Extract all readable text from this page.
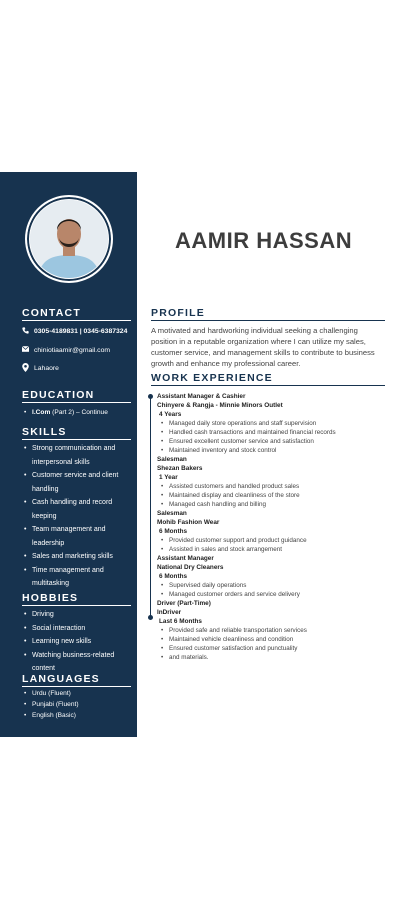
AAMIR HASSAN
CONTACT
0305-4189831 | 0345-6387324
chiniotiaamir@gmail.com
Lahaore
EDUCATION
• I.Com (Part 2) – Continue
SKILLS
• Strong communication and interpersonal skills
• Customer service and client handling
• Cash handling and record keeping
• Team management and leadership
• Sales and marketing skills
• Time management and multitasking
HOBBIES
• Driving
• Social interaction
• Learning new skills
• Watching business-related content
LANGUAGES
• Urdu (Fluent)
• Punjabi (Fluent)
• English (Basic)
PROFILE
A motivated and hardworking individual seeking a challenging position in a reputable organization where I can utilize my sales, customer service, and management skills to contribute to business growth and enhance my professional career.
WORK EXPERIENCE
Assistant Manager & Cashier
Chinyere & Rangja - Minnie Minors Outlet
4 Years
• Managed daily store operations and staff supervision
• Handled cash transactions and maintained financial records
• Ensured excellent customer service and satisfaction
• Maintained inventory and stock control
Salesman
Shezan Bakers
1 Year
• Assisted customers and handled product sales
• Maintained display and cleanliness of the store
• Managed cash handling and billing
Salesman
Mohib Fashion Wear
6 Months
• Provided customer support and product guidance
• Assisted in sales and stock arrangement
Assistant Manager
National Dry Cleaners
6 Months
• Supervised daily operations
• Managed customer orders and service delivery
Driver (Part-Time)
InDriver
Last 6 Months
• Provided safe and reliable transportation services
• Maintained vehicle cleanliness and condition
• Ensured customer satisfaction and punctuality
• and materials.
